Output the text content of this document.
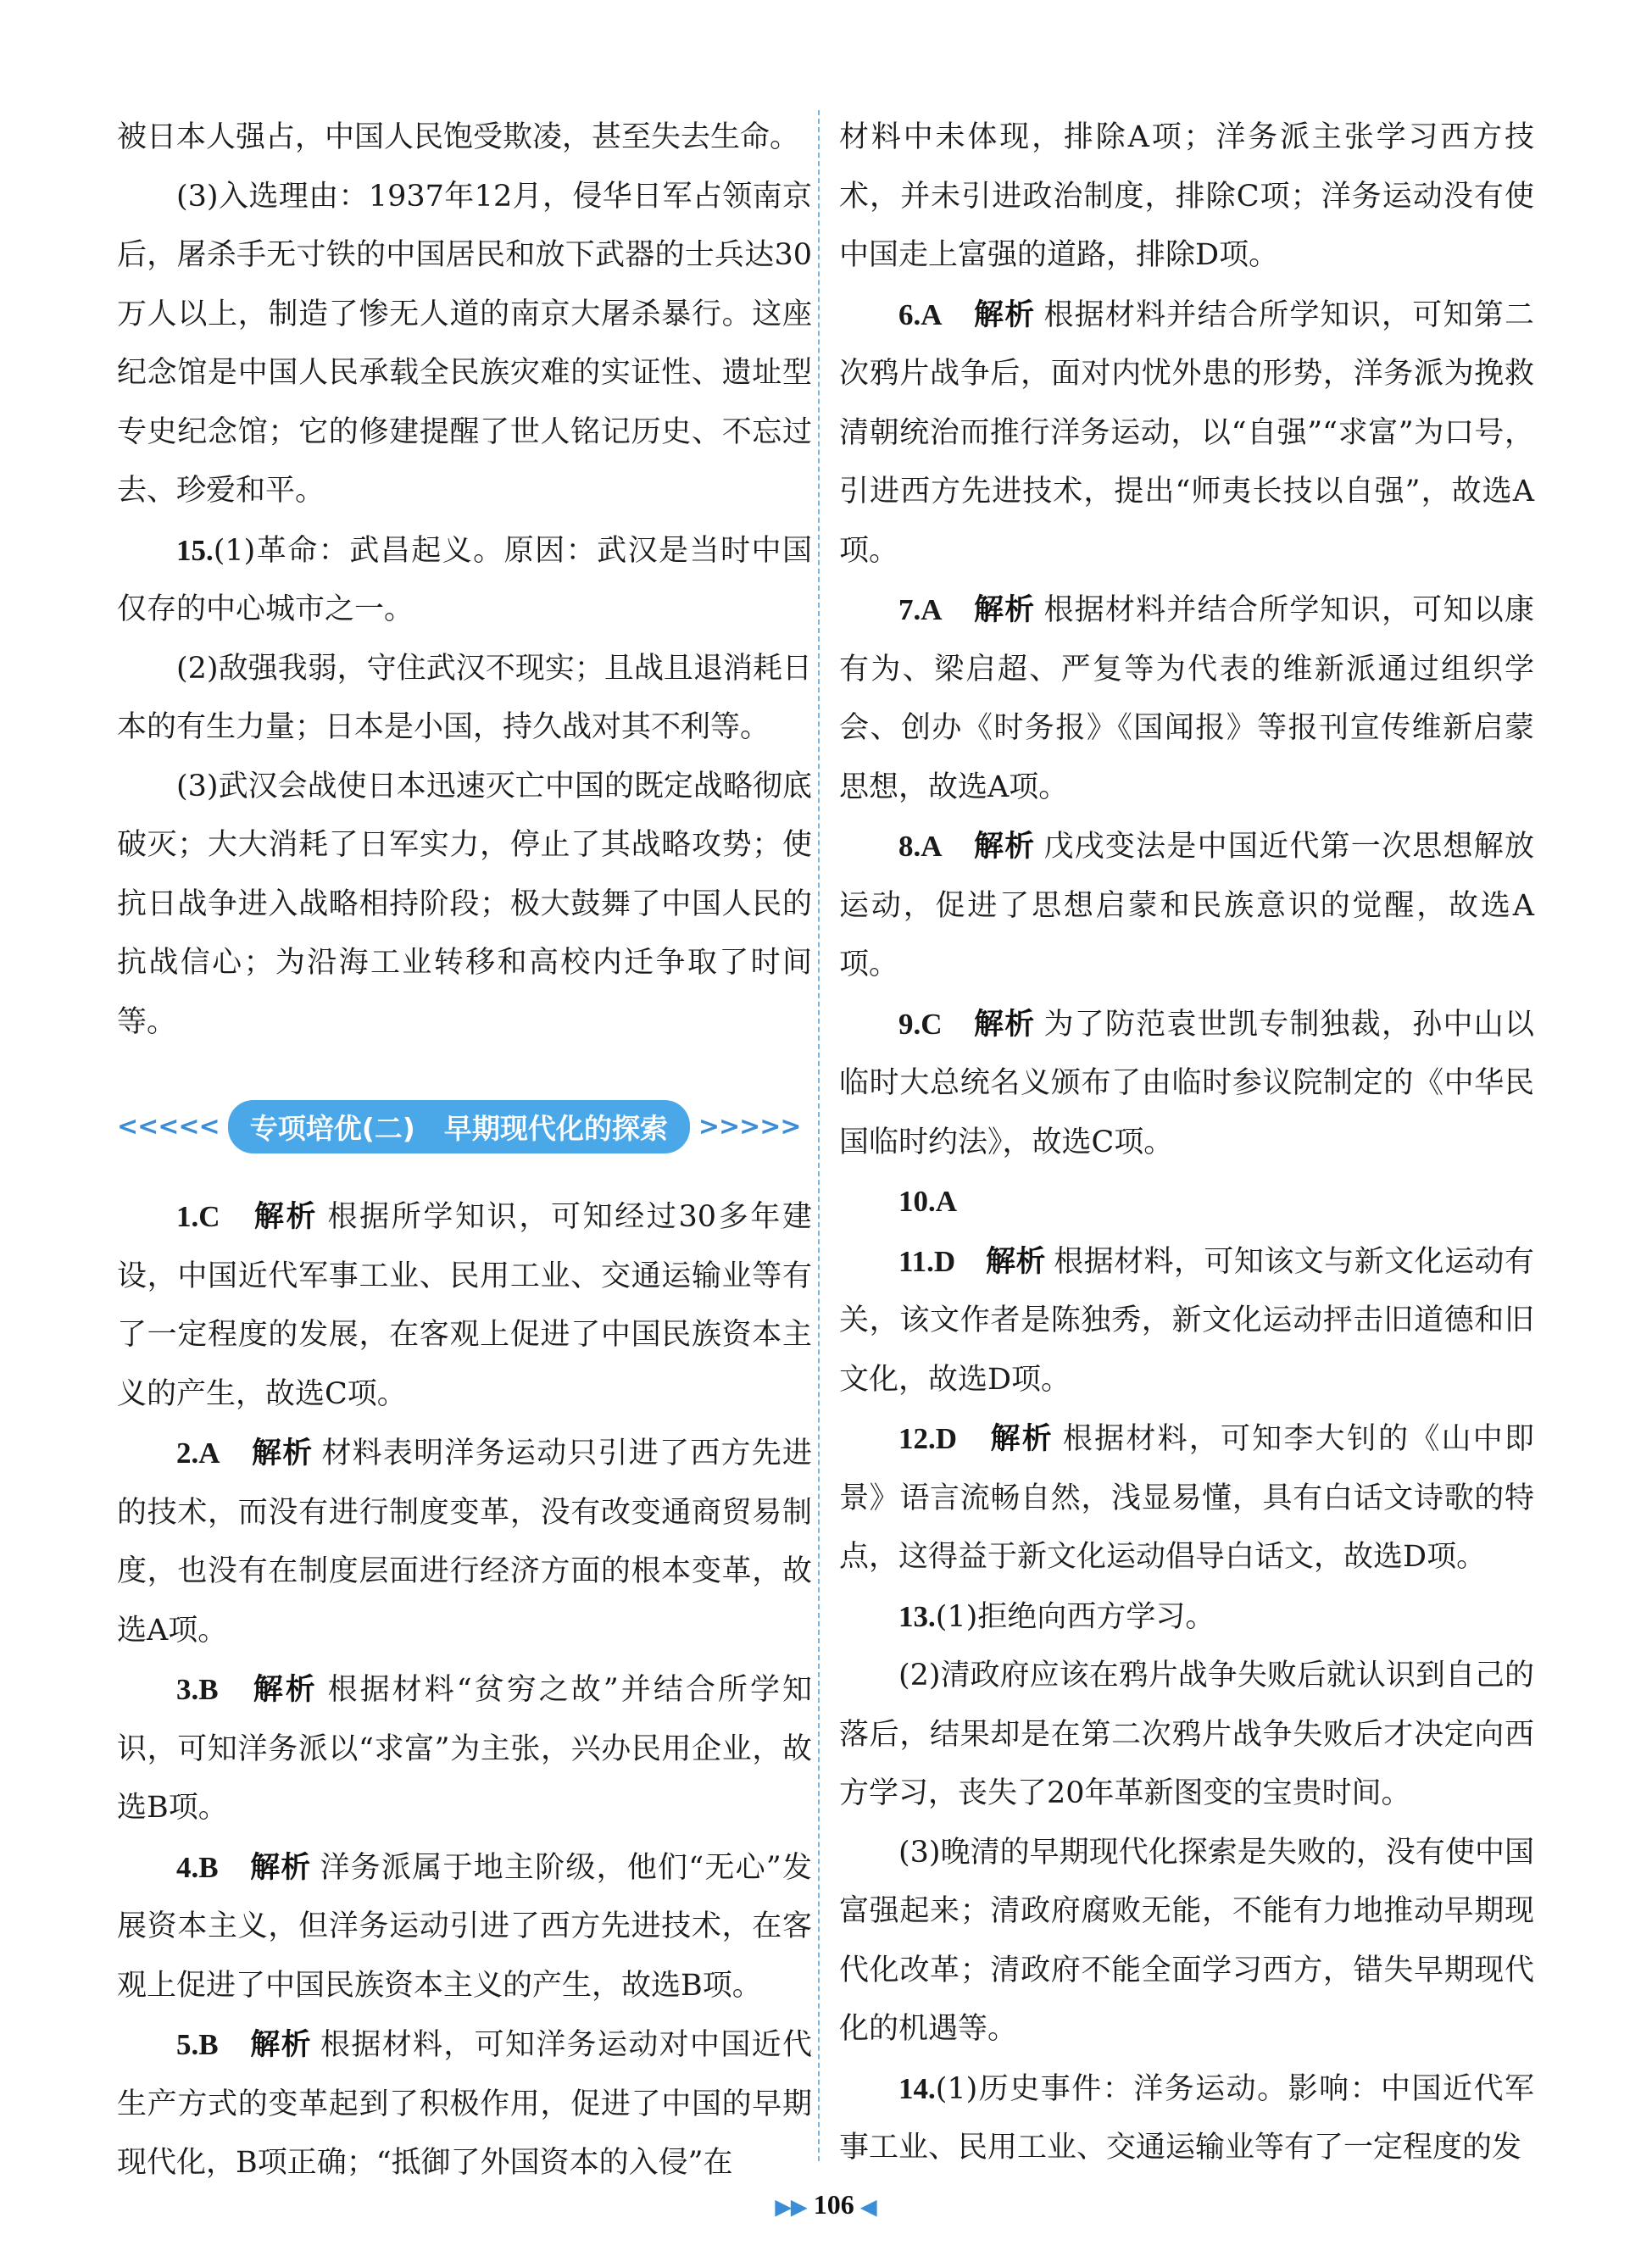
被日本人强占，中国人民饱受欺凌，甚至失去生命。

(3)入选理由：1937年12月，侵华日军占领南京后，屠杀手无寸铁的中国居民和放下武器的士兵达30万人以上，制造了惨无人道的南京大屠杀暴行。这座纪念馆是中国人民承载全民族灾难的实证性、遗址型专史纪念馆；它的修建提醒了世人铭记历史、不忘过去、珍爱和平。

15.(1)革命：武昌起义。原因：武汉是当时中国仅存的中心城市之一。

(2)敌强我弱，守住武汉不现实；且战且退消耗日本的有生力量；日本是小国，持久战对其不利等。

(3)武汉会战使日本迅速灭亡中国的既定战略彻底破灭；大大消耗了日军实力，停止了其战略攻势；使抗日战争进入战略相持阶段；极大鼓舞了中国人民的抗战信心；为沿海工业转移和高校内迁争取了时间等。

<<<<< 专项培优(二) 早期现代化的探索 >>>>>

1.C　 解析  根据所学知识，可知经过30多年建设，中国近代军事工业、民用工业、交通运输业等有了一定程度的发展，在客观上促进了中国民族资本主义的产生，故选C项。

2.A　 解析  材料表明洋务运动只引进了西方先进的技术，而没有进行制度变革，没有改变通商贸易制度，也没有在制度层面进行经济方面的根本变革，故选A项。

3.B　 解析  根据材料“贫穷之故”并结合所学知识，可知洋务派以“求富”为主张，兴办民用企业，故选B项。

4.B　 解析  洋务派属于地主阶级，他们“无心”发展资本主义，但洋务运动引进了西方先进技术，在客观上促进了中国民族资本主义的产生，故选B项。

5.B　 解析  根据材料，可知洋务运动对中国近代生产方式的变革起到了积极作用，促进了中国的早期现代化，B项正确；“抵御了外国资本的入侵”在

材料中未体现，排除A项；洋务派主张学习西方技术，并未引进政治制度，排除C项；洋务运动没有使中国走上富强的道路，排除D项。

6.A　 解析  根据材料并结合所学知识，可知第二次鸦片战争后，面对内忧外患的形势，洋务派为挽救清朝统治而推行洋务运动，以“自强”“求富”为口号，引进西方先进技术，提出“师夷长技以自强”，故选A项。

7.A　 解析  根据材料并结合所学知识，可知以康有为、梁启超、严复等为代表的维新派通过组织学会、创办《时务报》《国闻报》等报刊宣传维新启蒙思想，故选A项。

8.A　 解析  戊戌变法是中国近代第一次思想解放运动，促进了思想启蒙和民族意识的觉醒，故选A项。

9.C　 解析  为了防范袁世凯专制独裁，孙中山以临时大总统名义颁布了由临时参议院制定的《中华民国临时约法》，故选C项。

10.A

11.D　 解析  根据材料，可知该文与新文化运动有关，该文作者是陈独秀，新文化运动抨击旧道德和旧文化，故选D项。

12.D　 解析  根据材料，可知李大钊的《山中即景》语言流畅自然，浅显易懂，具有白话文诗歌的特点，这得益于新文化运动倡导白话文，故选D项。

13.(1)拒绝向西方学习。

(2)清政府应该在鸦片战争失败后就认识到自己的落后，结果却是在第二次鸦片战争失败后才决定向西方学习，丧失了20年革新图变的宝贵时间。

(3)晚清的早期现代化探索是失败的，没有使中国富强起来；清政府腐败无能，不能有力地推动早期现代化改革；清政府不能全面学习西方，错失早期现代化的机遇等。

14.(1)历史事件：洋务运动。影响：中国近代军事工业、民用工业、交通运输业等有了一定程度的发

▶▶ 106 ◀
